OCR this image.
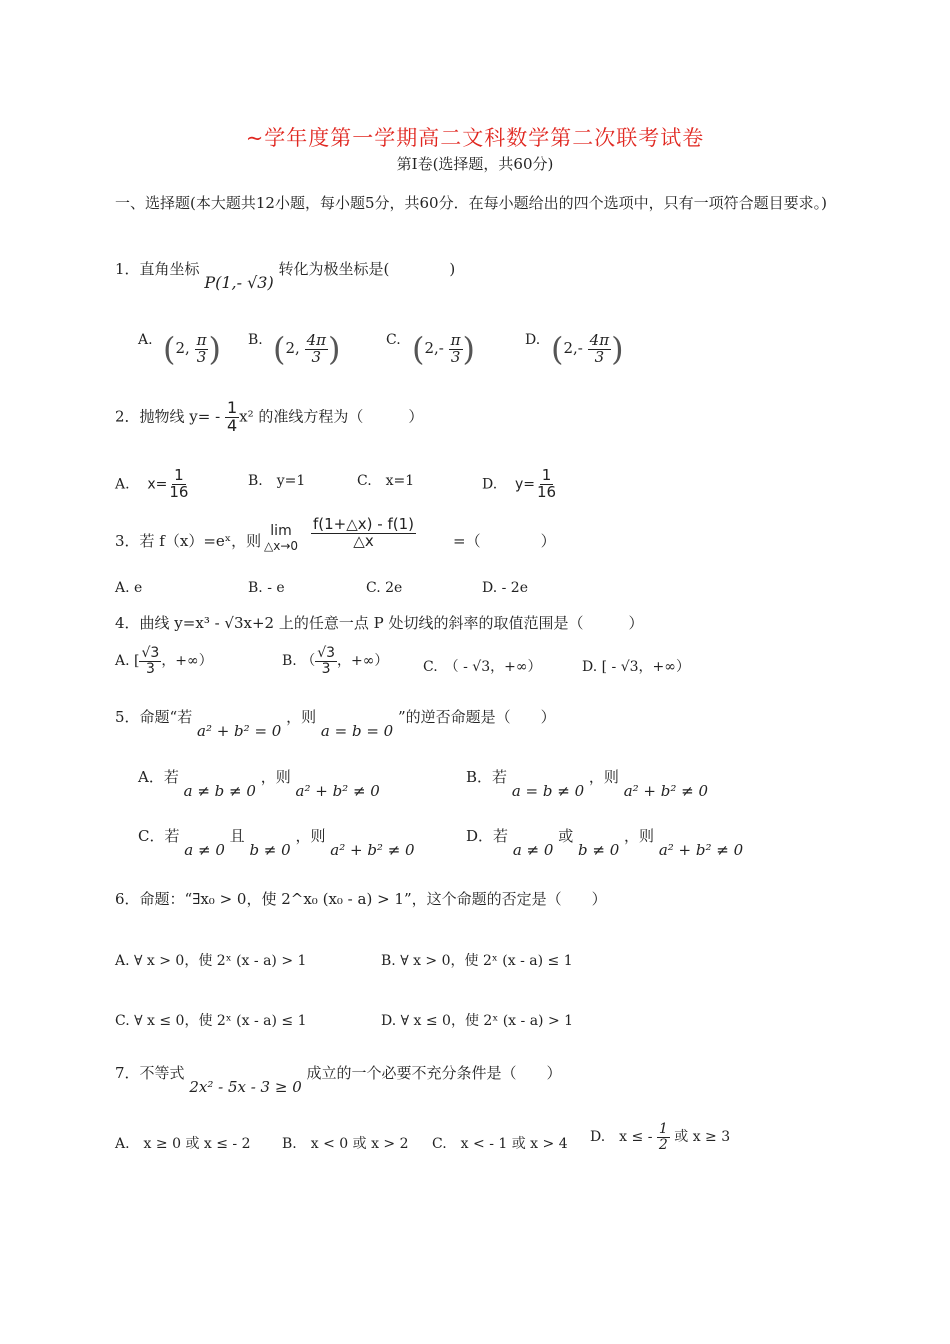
~学年度第一学期高二文科数学第二次联考试卷
第Ⅰ卷(选择题，共60分)
一、选择题(本大题共12小题，每小题5分，共60分．在每小题给出的四个选项中，只有一项符合题目要求。)
1．直角坐标 P(1,- √3) 转化为极坐标是(　　　　)
A. (2, $\frac{\pi}{3}$ ) B. (2, $\frac{4\pi}{3}$ )	C. ($2,- \frac{\pi}{3}$ )	D. ($2,- \frac{4\pi}{3}$ )
2．抛物线 $y= - \frac{1}{4} x^2$ 的准线方程为（　　　）
A. $x= \frac{1}{16}$	B.　y=1	C.　x=1	D. $y= \frac{1}{16}$
3．若 f（x）=eˣ，则
lim
△x→0 $\frac{f(1+\triangle x) - f(1)}{\triangle x}$ =（　　　　）
A. e	B. - e	C. 2e	D. - 2e
4．曲线 y=x³ - √3x+2 上的任意一点 P 处切线的斜率的取值范围是（　　　）
A. [ $\frac{√3}{3}$ ，+∞）	B. （ $\frac{√3}{3}$ ，+∞） C.　（ - √3，+∞）	D. [ - √3，+∞）
5．命题“若 a² + b² = 0 ，则 a = b = 0 ”的逆否命题是（　　）
A．若 a ≠ b ≠ 0 ，则 a² + b² ≠ 0
B．若 a = b ≠ 0 ，则 a² + b² ≠ 0
C．若 a ≠ 0 且 b ≠ 0 ，则 a² + b² ≠ 0
D．若 a ≠ 0 或 b ≠ 0 ，则 a² + b² ≠ 0
6．命题：“∃x₀ > 0，使 2^x₀ (x₀ - a) > 1”，这个命题的否定是（　　）
A. ∀ x > 0，使 2ˣ (x - a) > 1	B. ∀ x > 0，使 2ˣ (x - a) ≤ 1
C. ∀ x ≤ 0，使 2ˣ (x - a) ≤ 1	D. ∀ x ≤ 0，使 2ˣ (x - a) > 1
7．不等式 2x² - 5x - 3 ≥ 0 成立的一个必要不充分条件是（　　）
A.　x ≥ 0 或 x ≤ - 2 B.　x < 0 或 x > 2 C.　x < - 1 或 x > 4 D.　x ≤ - $\frac{1}{2}$ 或 x ≥ 3
